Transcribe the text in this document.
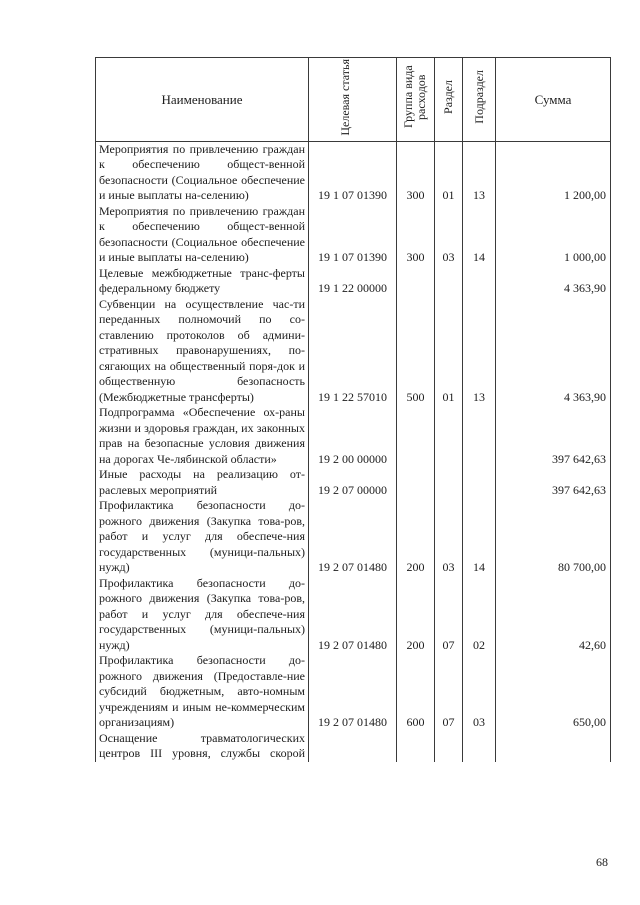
Наименование	Целевая статья	Группа вида расходов	Раздел	Подраздел	Сумма
Мероприятия по привлечению граждан к обеспечению общест-венной безопасности (Социальное обеспечение и иные выплаты на-селению)	19 1 07 01390	300	01	13	1 200,00
Мероприятия по привлечению граждан к обеспечению общест-венной безопасности (Социальное обеспечение и иные выплаты на-селению)	19 1 07 01390	300	03	14	1 000,00
Целевые межбюджетные транс-ферты федеральному бюджету	19 1 22 00000				4 363,90
Субвенции на осуществление час-ти переданных полномочий по со-ставлению протоколов об админи-стративных правонарушениях, по-сягающих на общественный поря-док и общественную безопасность (Межбюджетные трансферты)	19 1 22 57010	500	01	13	4 363,90
Подпрограмма «Обеспечение ох-раны жизни и здоровья граждан, их законных прав на безопасные условия движения на дорогах Че-лябинской области»	19 2 00 00000				397 642,63
Иные расходы на реализацию от-раслевых мероприятий	19 2 07 00000				397 642,63
Профилактика безопасности до-рожного движения (Закупка това-ров, работ и услуг для обеспече-ния государственных (муници-пальных) нужд)	19 2 07 01480	200	03	14	80 700,00
Профилактика безопасности до-рожного движения (Закупка това-ров, работ и услуг для обеспече-ния государственных (муници-пальных) нужд)	19 2 07 01480	200	07	02	42,60
Профилактика безопасности до-рожного движения (Предоставле-ние субсидий бюджетным, авто-номным учреждениям и иным не-коммерческим организациям)	19 2 07 01480	600	07	03	650,00
Оснащение травматологических центров III уровня, службы скорой					
68
